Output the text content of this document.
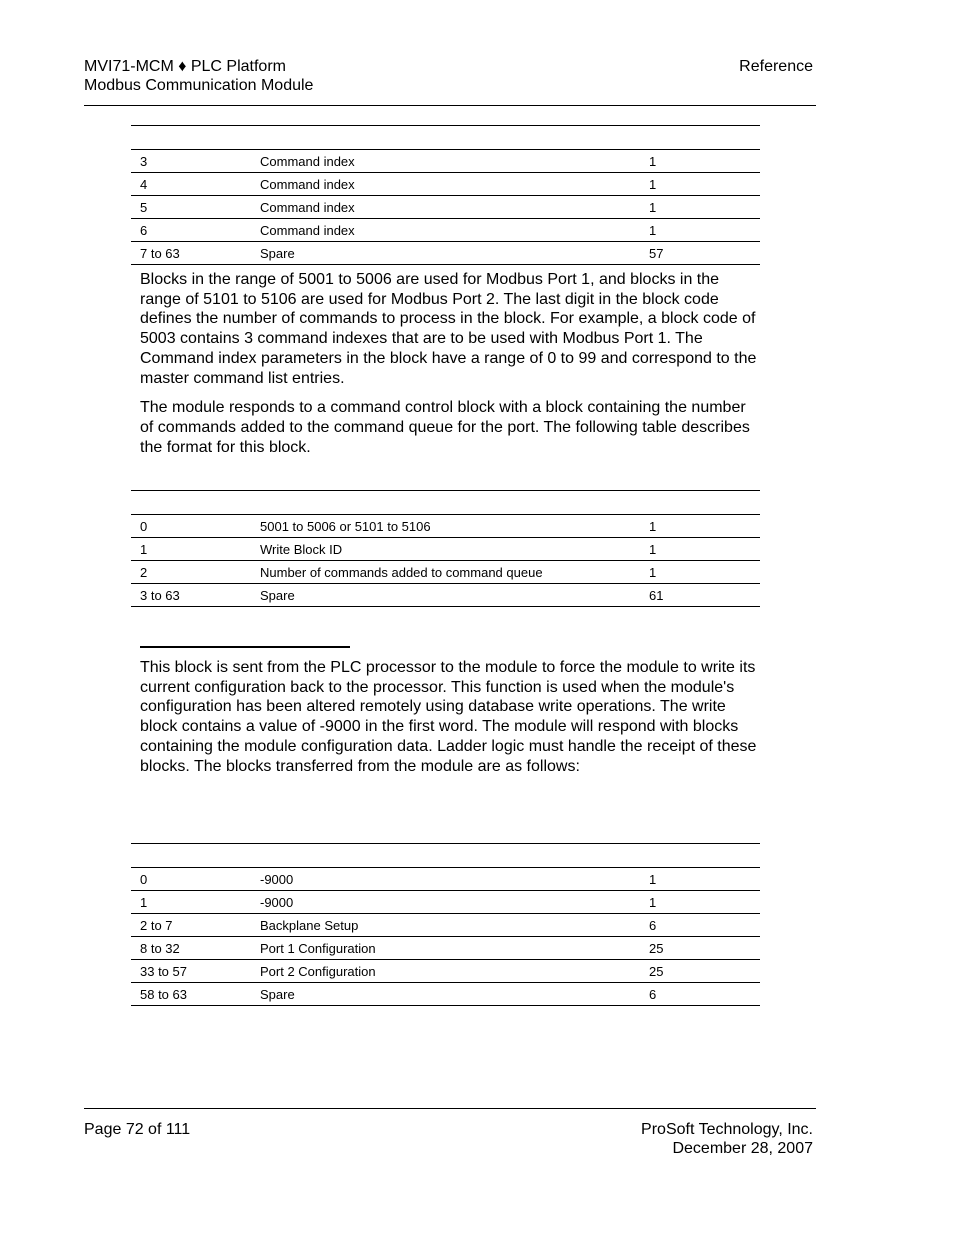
MVI71-MCM ♦ PLC Platform
Modbus Communication Module
Reference
3	Command index	1
4	Command index	1
5	Command index	1
6	Command index	1
7 to 63	Spare	57

Blocks in the range of 5001 to 5006 are used for Modbus Port 1, and blocks in the range of 5101 to 5106 are used for Modbus Port 2. The last digit in the block code defines the number of commands to process in the block. For example, a block code of 5003 contains 3 command indexes that are to be used with Modbus Port 1. The Command index parameters in the block have a range of 0 to 99 and correspond to the master command list entries.

The module responds to a command control block with a block containing the number of commands added to the command queue for the port. The following table describes the format for this block.

0	5001 to 5006 or 5101 to 5106	1
1	Write Block ID	1
2	Number of commands added to command queue	1
3 to 63	Spare	61

This block is sent from the PLC processor to the module to force the module to write its current configuration back to the processor. This function is used when the module's configuration has been altered remotely using database write operations. The write block contains a value of -9000 in the first word. The module will respond with blocks containing the module configuration data. Ladder logic must handle the receipt of these blocks. The blocks transferred from the module are as follows:

0	-9000	1
1	-9000	1
2 to 7	Backplane Setup	6
8 to 32	Port 1 Configuration	25
33 to 57	Port 2 Configuration	25
58 to 63	Spare	6
Page 72 of 111	ProSoft Technology, Inc.
December 28, 2007
